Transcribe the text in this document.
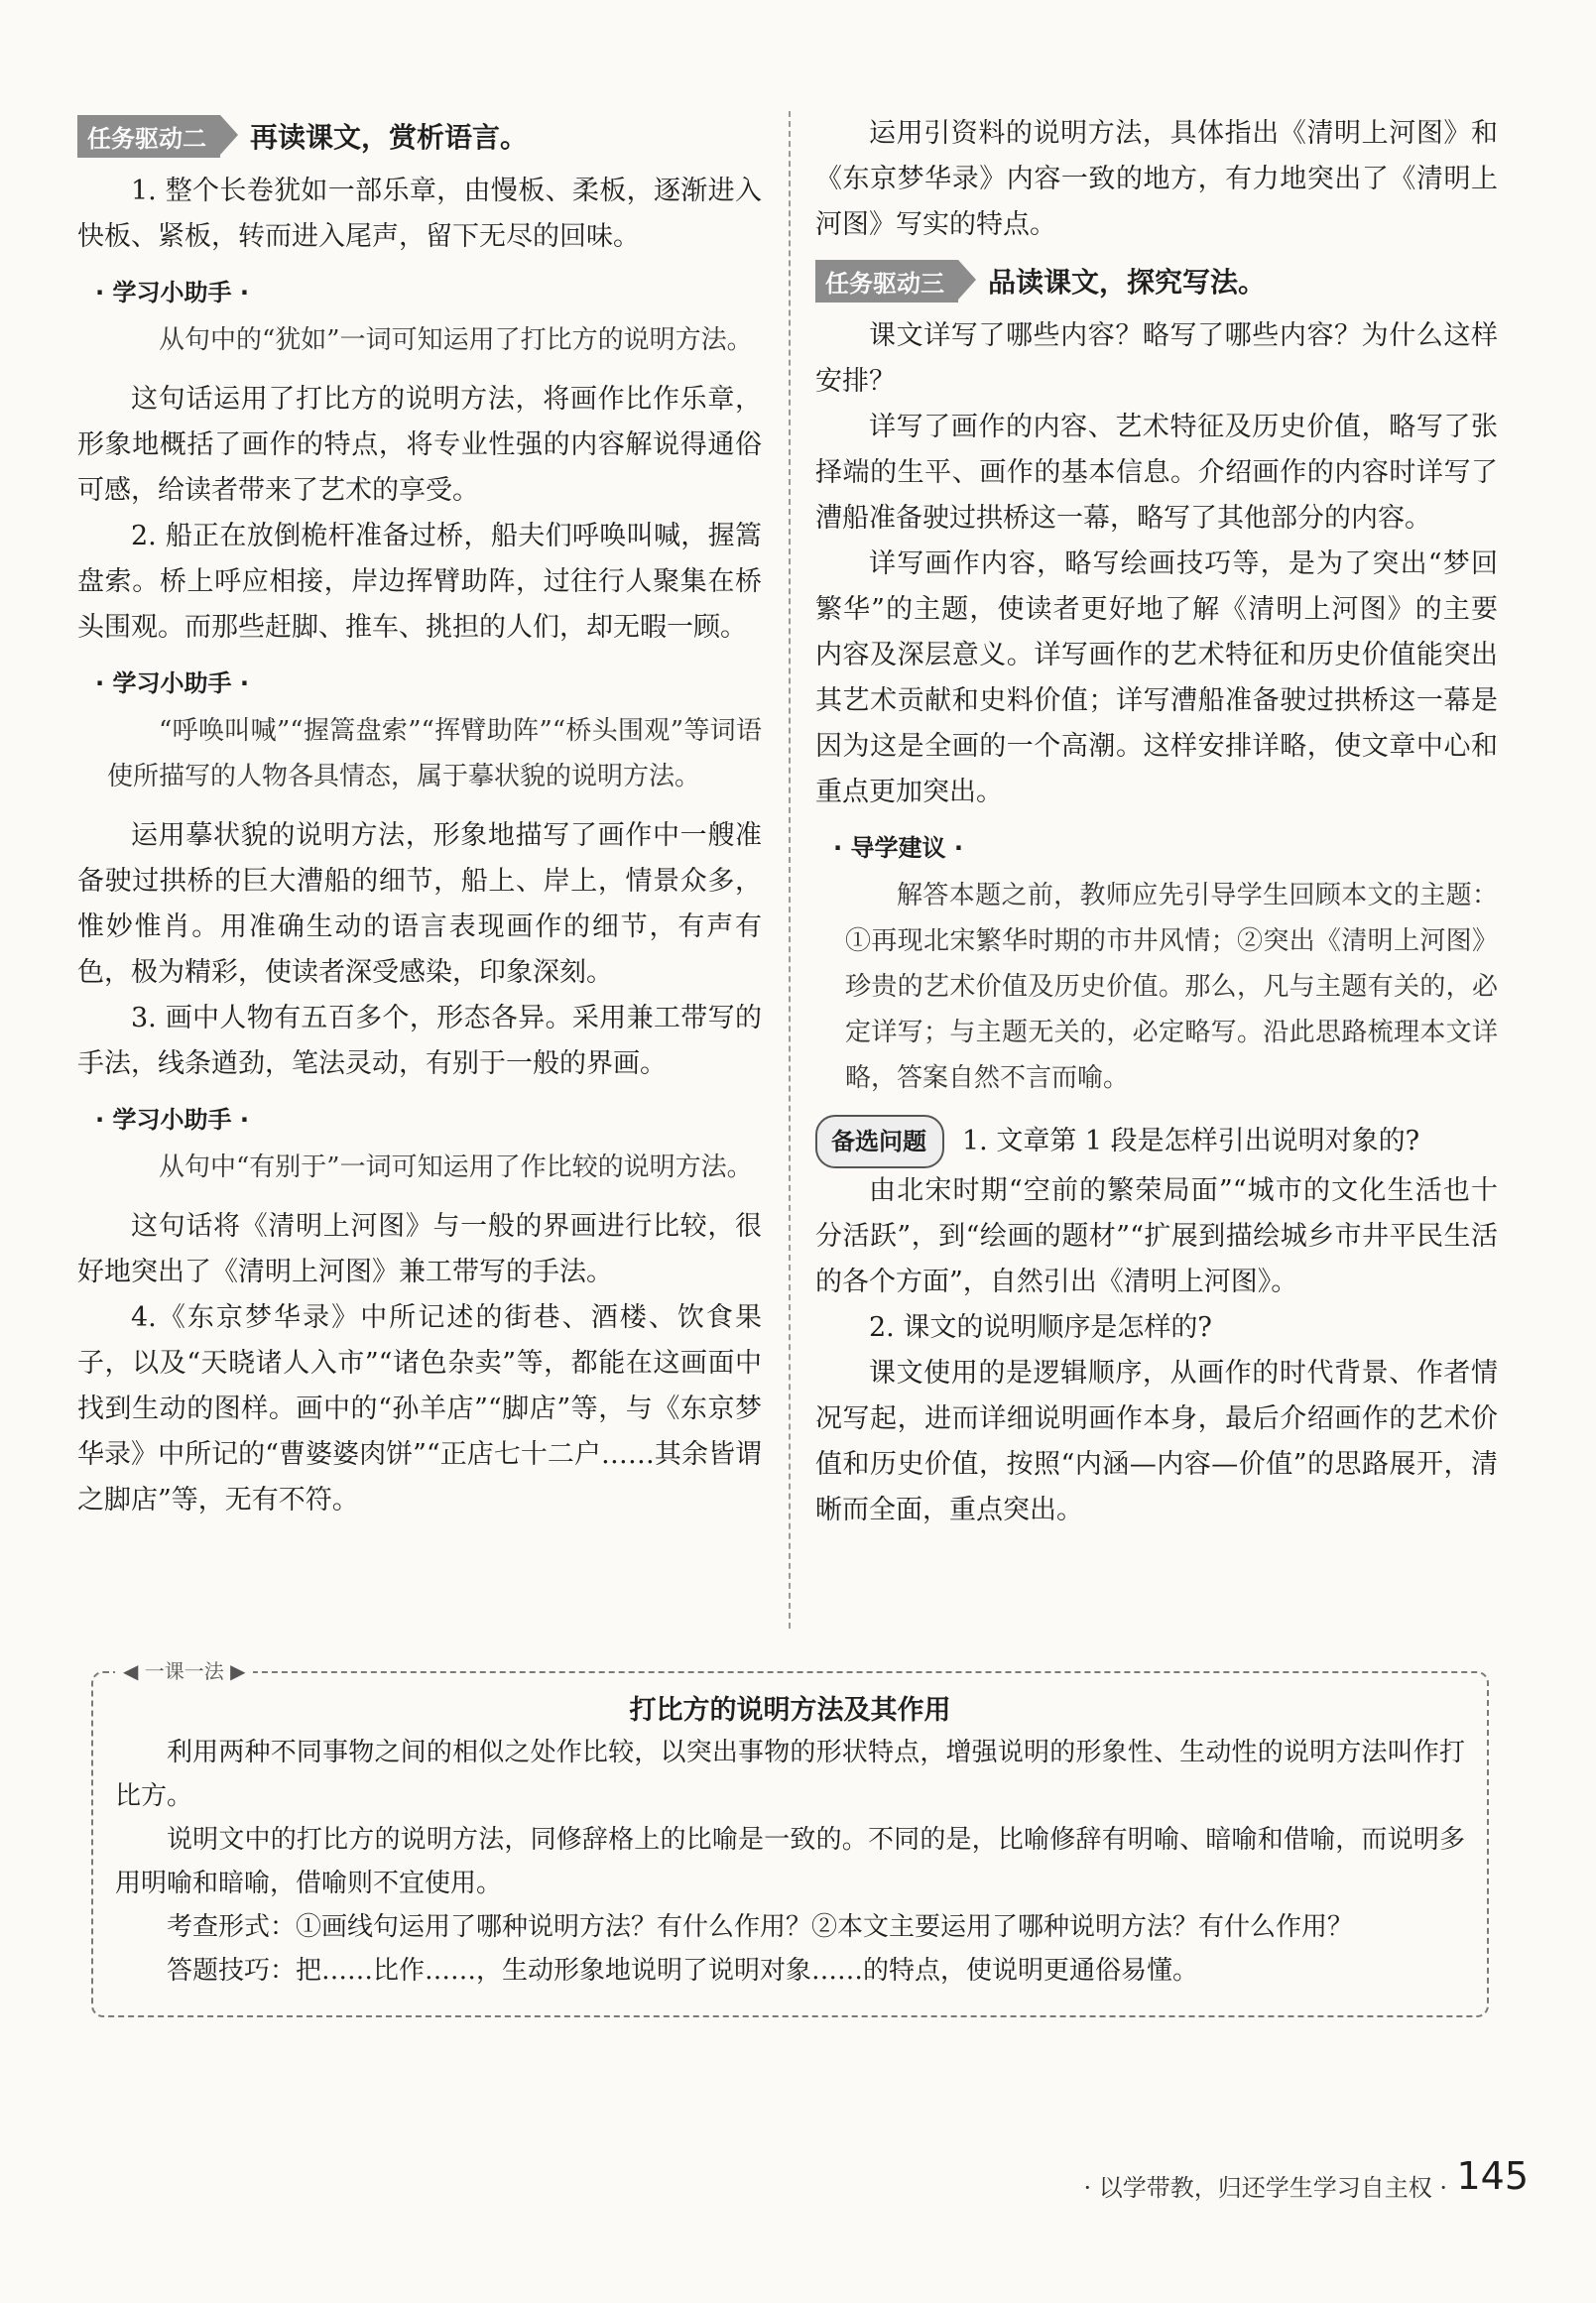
任务驱动二	再读课文，赏析语言。

1. 整个长卷犹如一部乐章，由慢板、柔板，逐渐进入快板、紧板，转而进入尾声，留下无尽的回味。

· 学习小助手 ·

从句中的“犹如”一词可知运用了打比方的说明方法。

这句话运用了打比方的说明方法，将画作比作乐章，形象地概括了画作的特点，将专业性强的内容解说得通俗可感，给读者带来了艺术的享受。

2. 船正在放倒桅杆准备过桥，船夫们呼唤叫喊，握篙盘索。桥上呼应相接，岸边挥臂助阵，过往行人聚集在桥头围观。而那些赶脚、推车、挑担的人们，却无暇一顾。

· 学习小助手 ·

“呼唤叫喊”“握篙盘索”“挥臂助阵”“桥头围观”等词语使所描写的人物各具情态，属于摹状貌的说明方法。

运用摹状貌的说明方法，形象地描写了画作中一艘准备驶过拱桥的巨大漕船的细节，船上、岸上，情景众多，惟妙惟肖。用准确生动的语言表现画作的细节，有声有色，极为精彩，使读者深受感染，印象深刻。

3. 画中人物有五百多个，形态各异。采用兼工带写的手法，线条遒劲，笔法灵动，有别于一般的界画。

· 学习小助手 ·

从句中“有别于”一词可知运用了作比较的说明方法。

这句话将《清明上河图》与一般的界画进行比较，很好地突出了《清明上河图》兼工带写的手法。

4.《东京梦华录》中所记述的街巷、酒楼、饮食果子，以及“天晓诸人入市”“诸色杂卖”等，都能在这画面中找到生动的图样。画中的“孙羊店”“脚店”等，与《东京梦华录》中所记的“曹婆婆肉饼”“正店七十二户……其余皆谓之脚店”等，无有不符。

运用引资料的说明方法，具体指出《清明上河图》和《东京梦华录》内容一致的地方，有力地突出了《清明上河图》写实的特点。

任务驱动三	品读课文，探究写法。

课文详写了哪些内容？略写了哪些内容？为什么这样安排？

详写了画作的内容、艺术特征及历史价值，略写了张择端的生平、画作的基本信息。介绍画作的内容时详写了漕船准备驶过拱桥这一幕，略写了其他部分的内容。

详写画作内容，略写绘画技巧等，是为了突出“梦回繁华”的主题，使读者更好地了解《清明上河图》的主要内容及深层意义。详写画作的艺术特征和历史价值能突出其艺术贡献和史料价值；详写漕船准备驶过拱桥这一幕是因为这是全画的一个高潮。这样安排详略，使文章中心和重点更加突出。

· 导学建议 ·

解答本题之前，教师应先引导学生回顾本文的主题：①再现北宋繁华时期的市井风情；②突出《清明上河图》珍贵的艺术价值及历史价值。那么，凡与主题有关的，必定详写；与主题无关的，必定略写。沿此思路梳理本文详略，答案自然不言而喻。

备选问题 1. 文章第 1 段是怎样引出说明对象的?

由北宋时期“空前的繁荣局面”“城市的文化生活也十分活跃”，到“绘画的题材”“扩展到描绘城乡市井平民生活的各个方面”，自然引出《清明上河图》。

2. 课文的说明顺序是怎样的?

课文使用的是逻辑顺序，从画作的时代背景、作者情况写起，进而详细说明画作本身，最后介绍画作的艺术价值和历史价值，按照“内涵—内容—价值”的思路展开，清晰而全面，重点突出。

◀ 一课一法 ▶
打比方的说明方法及其作用

利用两种不同事物之间的相似之处作比较，以突出事物的形状特点，增强说明的形象性、生动性的说明方法叫作打比方。

说明文中的打比方的说明方法，同修辞格上的比喻是一致的。不同的是，比喻修辞有明喻、暗喻和借喻，而说明多用明喻和暗喻，借喻则不宜使用。

考查形式：①画线句运用了哪种说明方法？有什么作用？②本文主要运用了哪种说明方法？有什么作用？

答题技巧：把……比作……，生动形象地说明了说明对象……的特点，使说明更通俗易懂。

· 以学带教，归还学生学习自主权 · 145
